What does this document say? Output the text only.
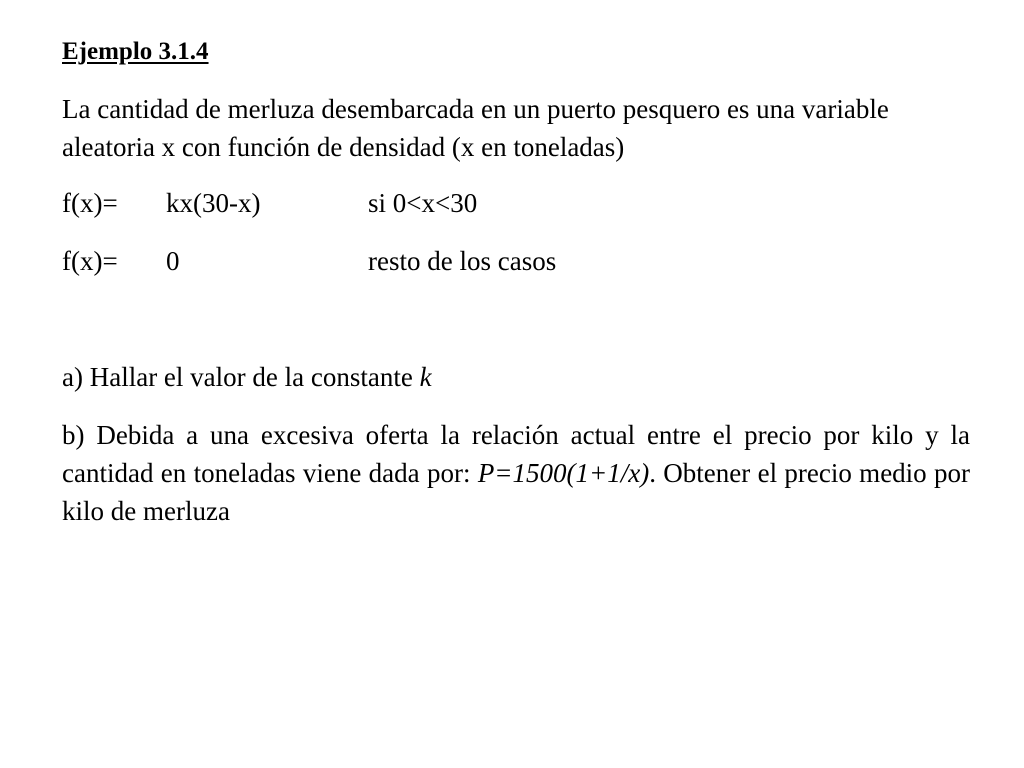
Ejemplo 3.1.4

La cantidad de merluza desembarcada en un puerto pesquero es una variable aleatoria x con función de densidad (x en toneladas)

f(x)=	kx(30-x)	si 0<x<30
f(x)=	0	resto de los casos

a) Hallar el valor de la constante k

b) Debida a una excesiva oferta la relación actual entre el precio por kilo y la cantidad en toneladas viene dada por: P=1500(1+1/x). Obtener el precio medio por kilo de merluza
